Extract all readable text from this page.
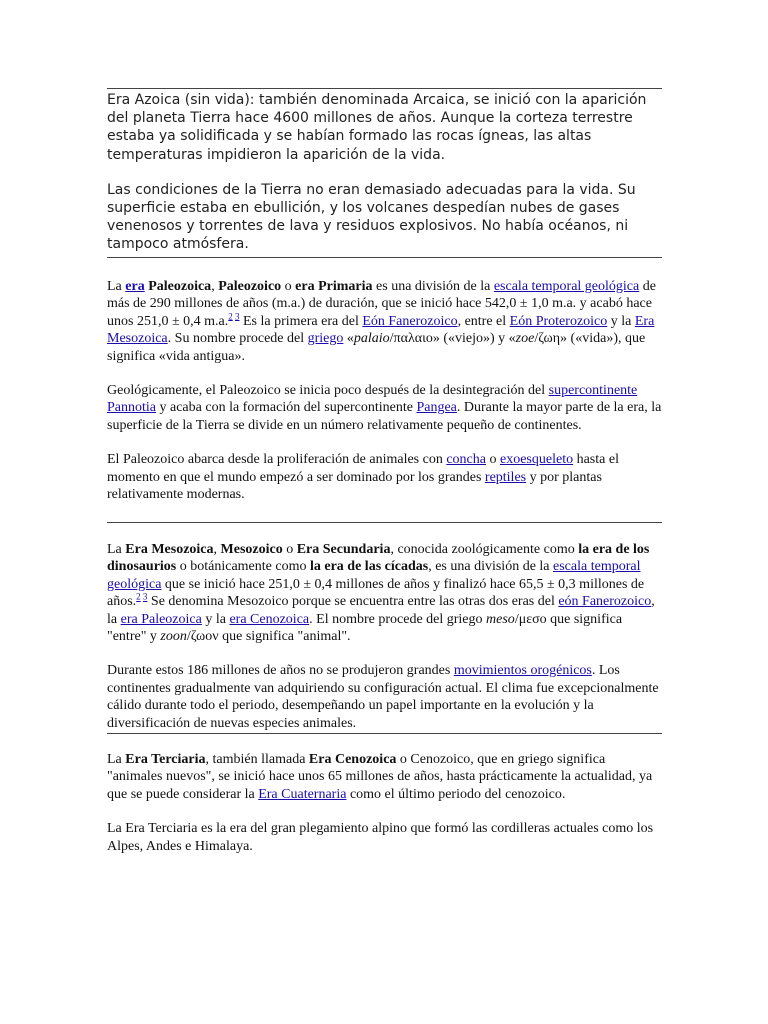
Era Azoica (sin vida): también denominada Arcaica, se inició con la aparición del planeta Tierra hace 4600 millones de años. Aunque la corteza terrestre estaba ya solidificada y se habían formado las rocas ígneas, las altas temperaturas impidieron la aparición de la vida.

Las condiciones de la Tierra no eran demasiado adecuadas para la vida. Su superficie estaba en ebullición, y los volcanes despedían nubes de gases venenosos y torrentes de lava y residuos explosivos. No había océanos, ni tampoco atmósfera.

La era Paleozoica, Paleozoico o era Primaria es una división de la escala temporal geológica de más de 290 millones de años (m.a.) de duración, que se inició hace 542,0 ± 1,0 m.a. y acabó hace unos 251,0 ± 0,4 m.a.$^{2 3}$ Es la primera era del Eón Fanerozoico, entre el Eón Proterozoico y la Era Mesozoica. Su nombre procede del griego «palaio/παλαιο» («viejo») y «zoe/ζωη» («vida»), que significa «vida antigua».

Geológicamente, el Paleozoico se inicia poco después de la desintegración del supercontinente Pannotia y acaba con la formación del supercontinente Pangea. Durante la mayor parte de la era, la superficie de la Tierra se divide en un número relativamente pequeño de continentes.

El Paleozoico abarca desde la proliferación de animales con concha o exoesqueleto hasta el momento en que el mundo empezó a ser dominado por los grandes reptiles y por plantas relativamente modernas.

La Era Mesozoica, Mesozoico o Era Secundaria, conocida zoológicamente como la era de los dinosaurios o botánicamente como la era de las cícadas, es una división de la escala temporal geológica que se inició hace 251,0 ± 0,4 millones de años y finalizó hace 65,5 ± 0,3 millones de años.$^{2 3}$ Se denomina Mesozoico porque se encuentra entre las otras dos eras del eón Fanerozoico, la era Paleozoica y la era Cenozoica. El nombre procede del griego meso/μεσο que significa "entre" y zoon/ζωον que significa "animal".

Durante estos 186 millones de años no se produjeron grandes movimientos orogénicos. Los continentes gradualmente van adquiriendo su configuración actual. El clima fue excepcionalmente cálido durante todo el periodo, desempeñando un papel importante en la evolución y la diversificación de nuevas especies animales.

La Era Terciaria, también llamada Era Cenozoica o Cenozoico, que en griego significa "animales nuevos", se inició hace unos 65 millones de años, hasta prácticamente la actualidad, ya que se puede considerar la Era Cuaternaria como el último periodo del cenozoico.

La Era Terciaria es la era del gran plegamiento alpino que formó las cordilleras actuales como los Alpes, Andes e Himalaya.
